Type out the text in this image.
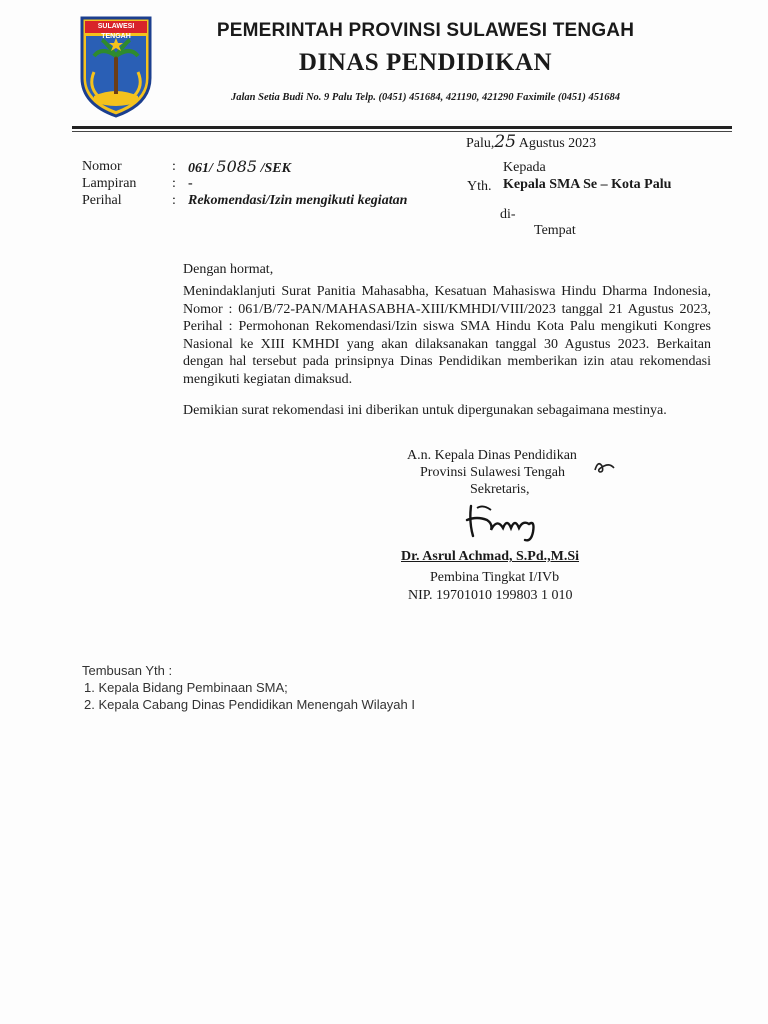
SULAWESI TENGAH	PEMERINTAH PROVINSI SULAWESI TENGAH
DINAS PENDIDIKAN
Jalan Setia Budi No. 9 Palu Telp. (0451) 451684, 421190, 421290 Faximile (0451) 451684
Palu,25 Agustus 2023
Nomor
Lampiran
Perihal
:
:
:
061/ 5085 /SEK
-
Rekomendasi/Izin mengikuti kegiatan
Kepada
Yth. Kepala SMA Se – Kota Palu
di-
Tempat
Dengan hormat,
Menindaklanjuti Surat Panitia Mahasabha, Kesatuan Mahasiswa Hindu Dharma Indonesia, Nomor : 061/B/72-PAN/MAHASABHA-XIII/KMHDI/VIII/2023 tanggal 21 Agustus 2023, Perihal : Permohonan Rekomendasi/Izin siswa SMA Hindu Kota Palu mengikuti Kongres Nasional ke XIII KMHDI yang akan dilaksanakan tanggal 30 Agustus 2023. Berkaitan dengan hal tersebut pada prinsipnya Dinas Pendidikan memberikan izin atau rekomendasi mengikuti kegiatan dimaksud.
Demikian surat rekomendasi ini diberikan untuk dipergunakan sebagaimana mestinya.
A.n. Kepala Dinas Pendidikan
Provinsi Sulawesi Tengah
Sekretaris,
Dr. Asrul Achmad, S.Pd.,M.Si
Pembina Tingkat I/IVb
NIP. 19701010 199803 1 010
Tembusan Yth :
1. Kepala Bidang Pembinaan SMA;
2. Kepala Cabang Dinas Pendidikan Menengah Wilayah I
